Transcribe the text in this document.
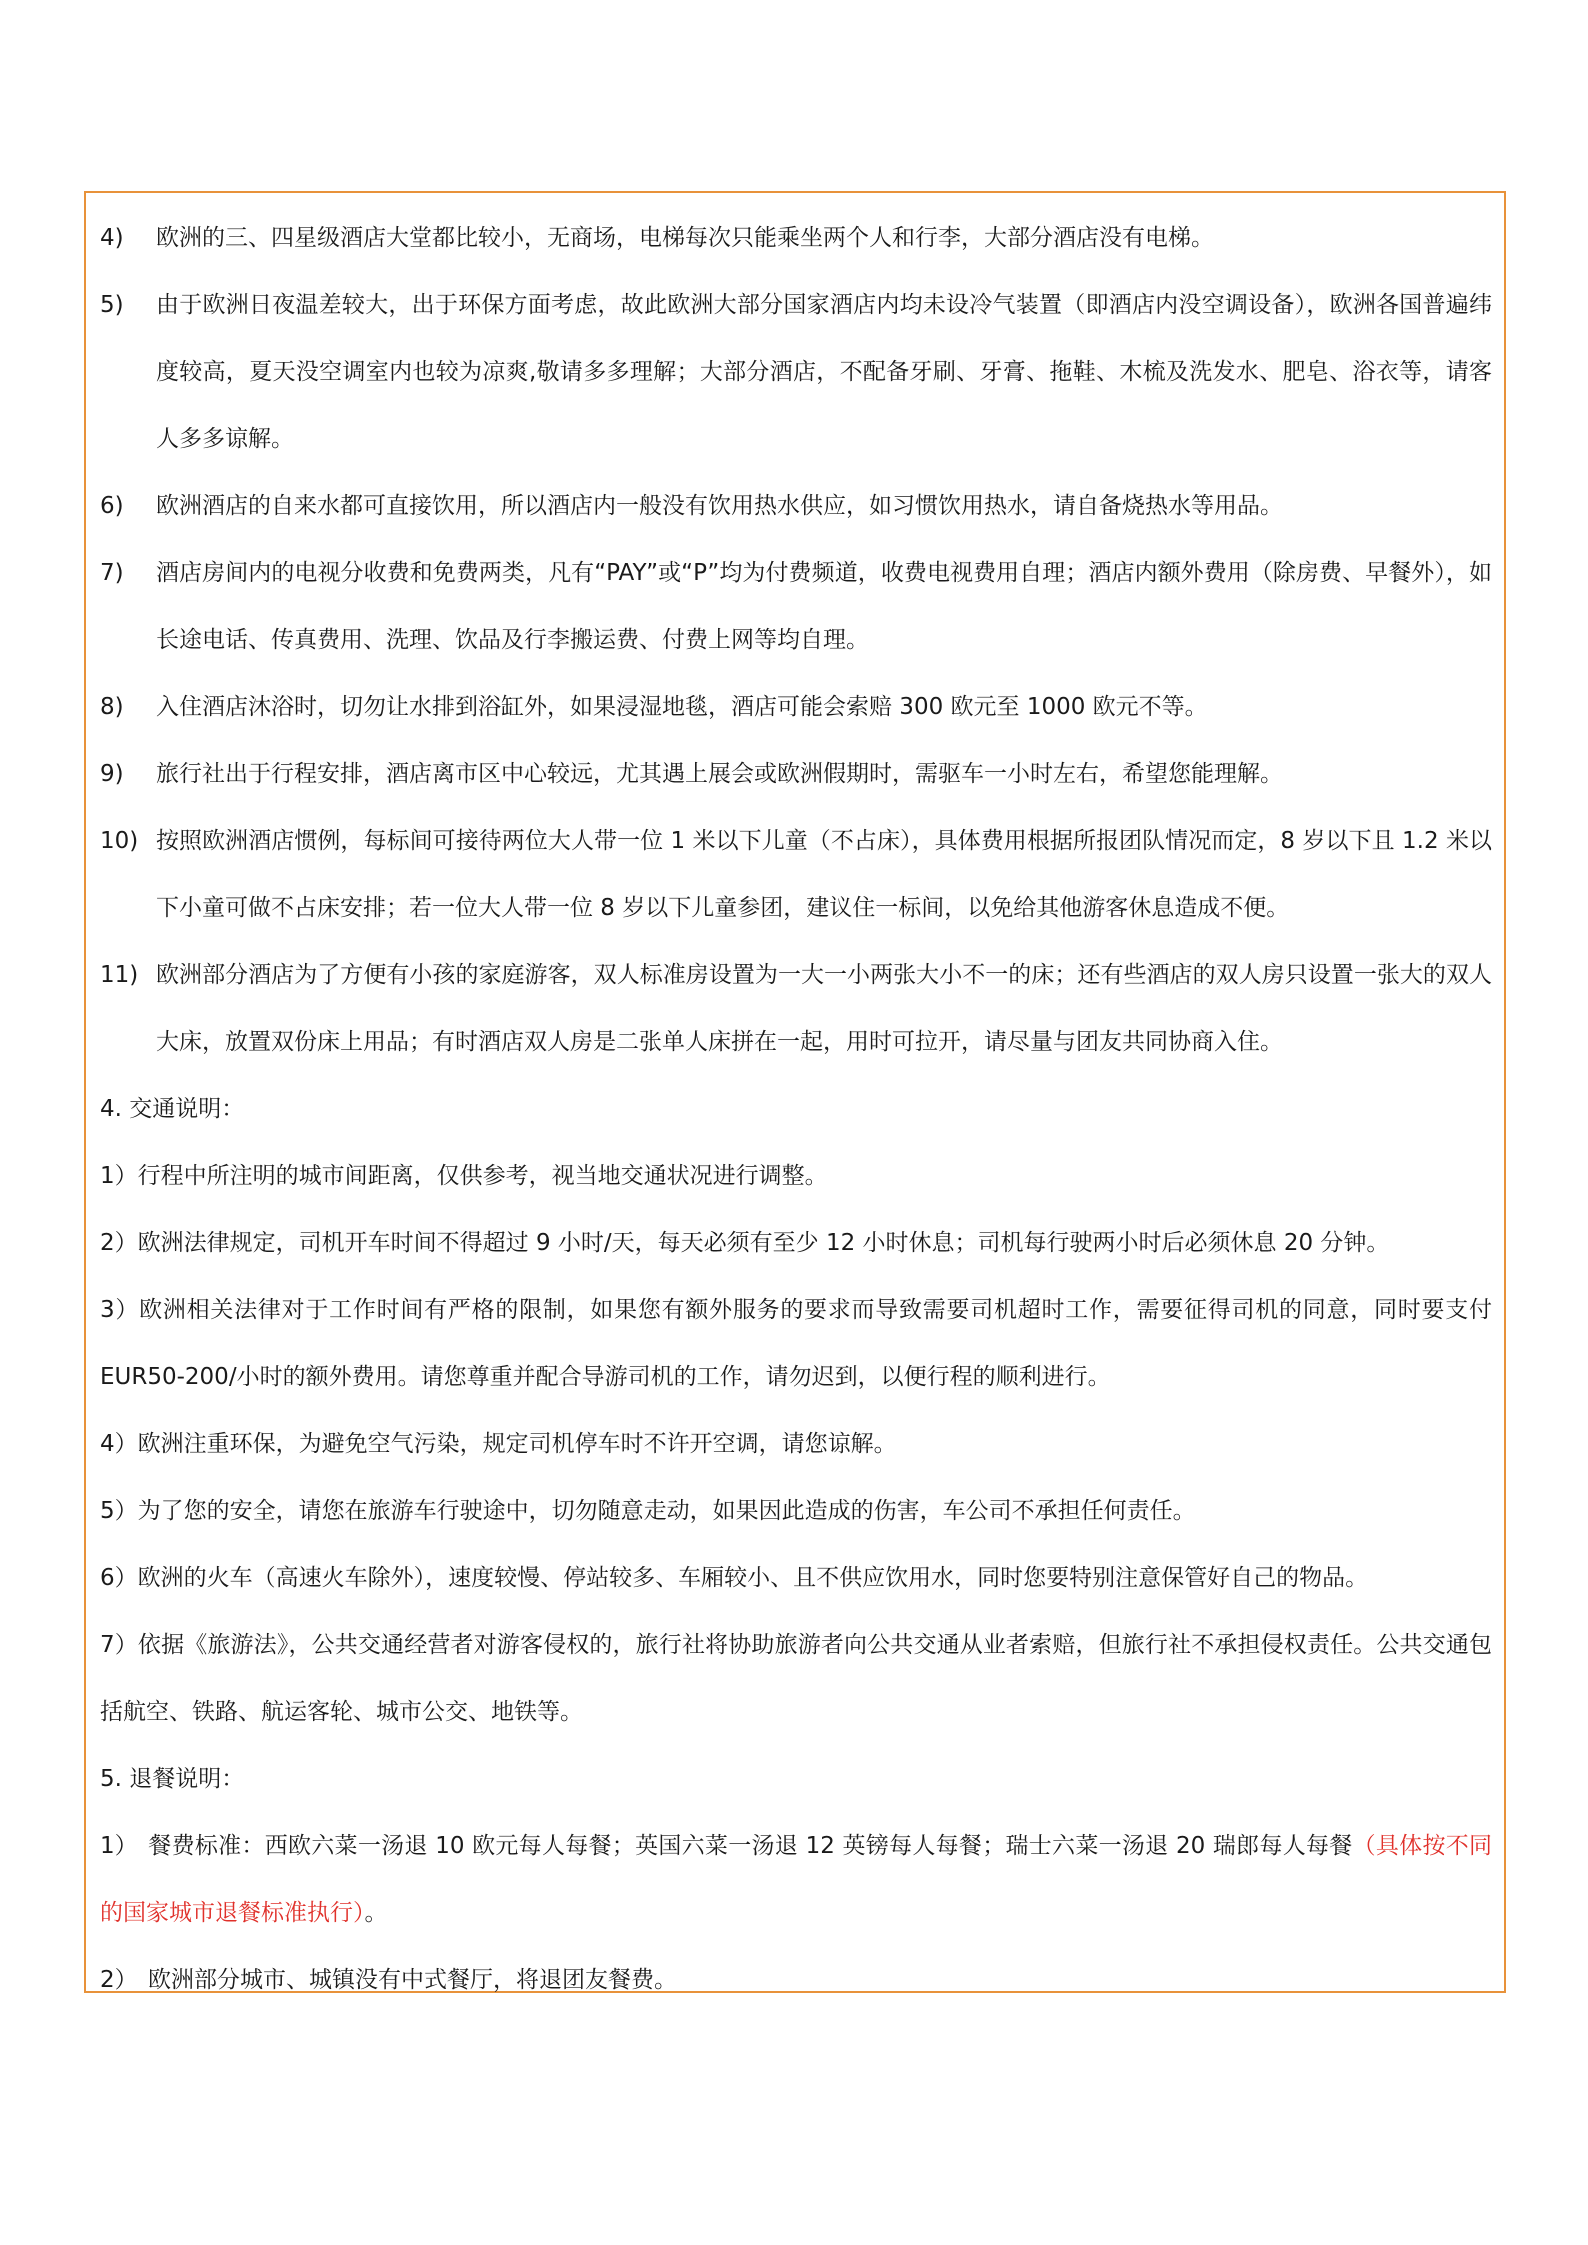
4)	欧洲的三、四星级酒店大堂都比较小，无商场，电梯每次只能乘坐两个人和行李，大部分酒店没有电梯。
5)	由于欧洲日夜温差较大，出于环保方面考虑，故此欧洲大部分国家酒店内均未设冷气装置（即酒店内没空调设备），欧洲各国普遍纬度较高，夏天没空调室内也较为凉爽,敬请多多理解；大部分酒店，不配备牙刷、牙膏、拖鞋、木梳及洗发水、肥皂、浴衣等，请客人多多谅解。
6)	欧洲酒店的自来水都可直接饮用，所以酒店内一般没有饮用热水供应，如习惯饮用热水，请自备烧热水等用品。
7)	酒店房间内的电视分收费和免费两类，凡有“PAY”或“P”均为付费频道，收费电视费用自理；酒店内额外费用（除房费、早餐外），如长途电话、传真费用、洗理、饮品及行李搬运费、付费上网等均自理。
8)	入住酒店沐浴时，切勿让水排到浴缸外，如果浸湿地毯，酒店可能会索赔 300 欧元至 1000 欧元不等。
9)	旅行社出于行程安排，酒店离市区中心较远，尤其遇上展会或欧洲假期时，需驱车一小时左右，希望您能理解。
10) 按照欧洲酒店惯例，每标间可接待两位大人带一位 1 米以下儿童（不占床），具体费用根据所报团队情况而定，8 岁以下且 1.2 米以下小童可做不占床安排；若一位大人带一位 8 岁以下儿童参团，建议住一标间，以免给其他游客休息造成不便。
11) 欧洲部分酒店为了方便有小孩的家庭游客，双人标准房设置为一大一小两张大小不一的床；还有些酒店的双人房只设置一张大的双人大床，放置双份床上用品；有时酒店双人房是二张单人床拼在一起，用时可拉开，请尽量与团友共同协商入住。

4. 交通说明：

1）行程中所注明的城市间距离，仅供参考，视当地交通状况进行调整。

2）欧洲法律规定，司机开车时间不得超过 9 小时/天，每天必须有至少 12 小时休息；司机每行驶两小时后必须休息 20 分钟。

3）欧洲相关法律对于工作时间有严格的限制，如果您有额外服务的要求而导致需要司机超时工作，需要征得司机的同意，同时要支付 EUR50-200/小时的额外费用。请您尊重并配合导游司机的工作，请勿迟到，以便行程的顺利进行。

4）欧洲注重环保，为避免空气污染，规定司机停车时不许开空调，请您谅解。

5）为了您的安全，请您在旅游车行驶途中，切勿随意走动，如果因此造成的伤害，车公司不承担任何责任。

6）欧洲的火车（高速火车除外），速度较慢、停站较多、车厢较小、且不供应饮用水，同时您要特别注意保管好自己的物品。

7）依据《旅游法》，公共交通经营者对游客侵权的，旅行社将协助旅游者向公共交通从业者索赔，但旅行社不承担侵权责任。公共交通包括航空、铁路、航运客轮、城市公交、地铁等。

5. 退餐说明：

1） 餐费标准：西欧六菜一汤退 10 欧元每人每餐；英国六菜一汤退 12 英镑每人每餐；瑞士六菜一汤退 20 瑞郎每人每餐（具体按不同的国家城市退餐标准执行）。

2） 欧洲部分城市、城镇没有中式餐厅，将退团友餐费。
